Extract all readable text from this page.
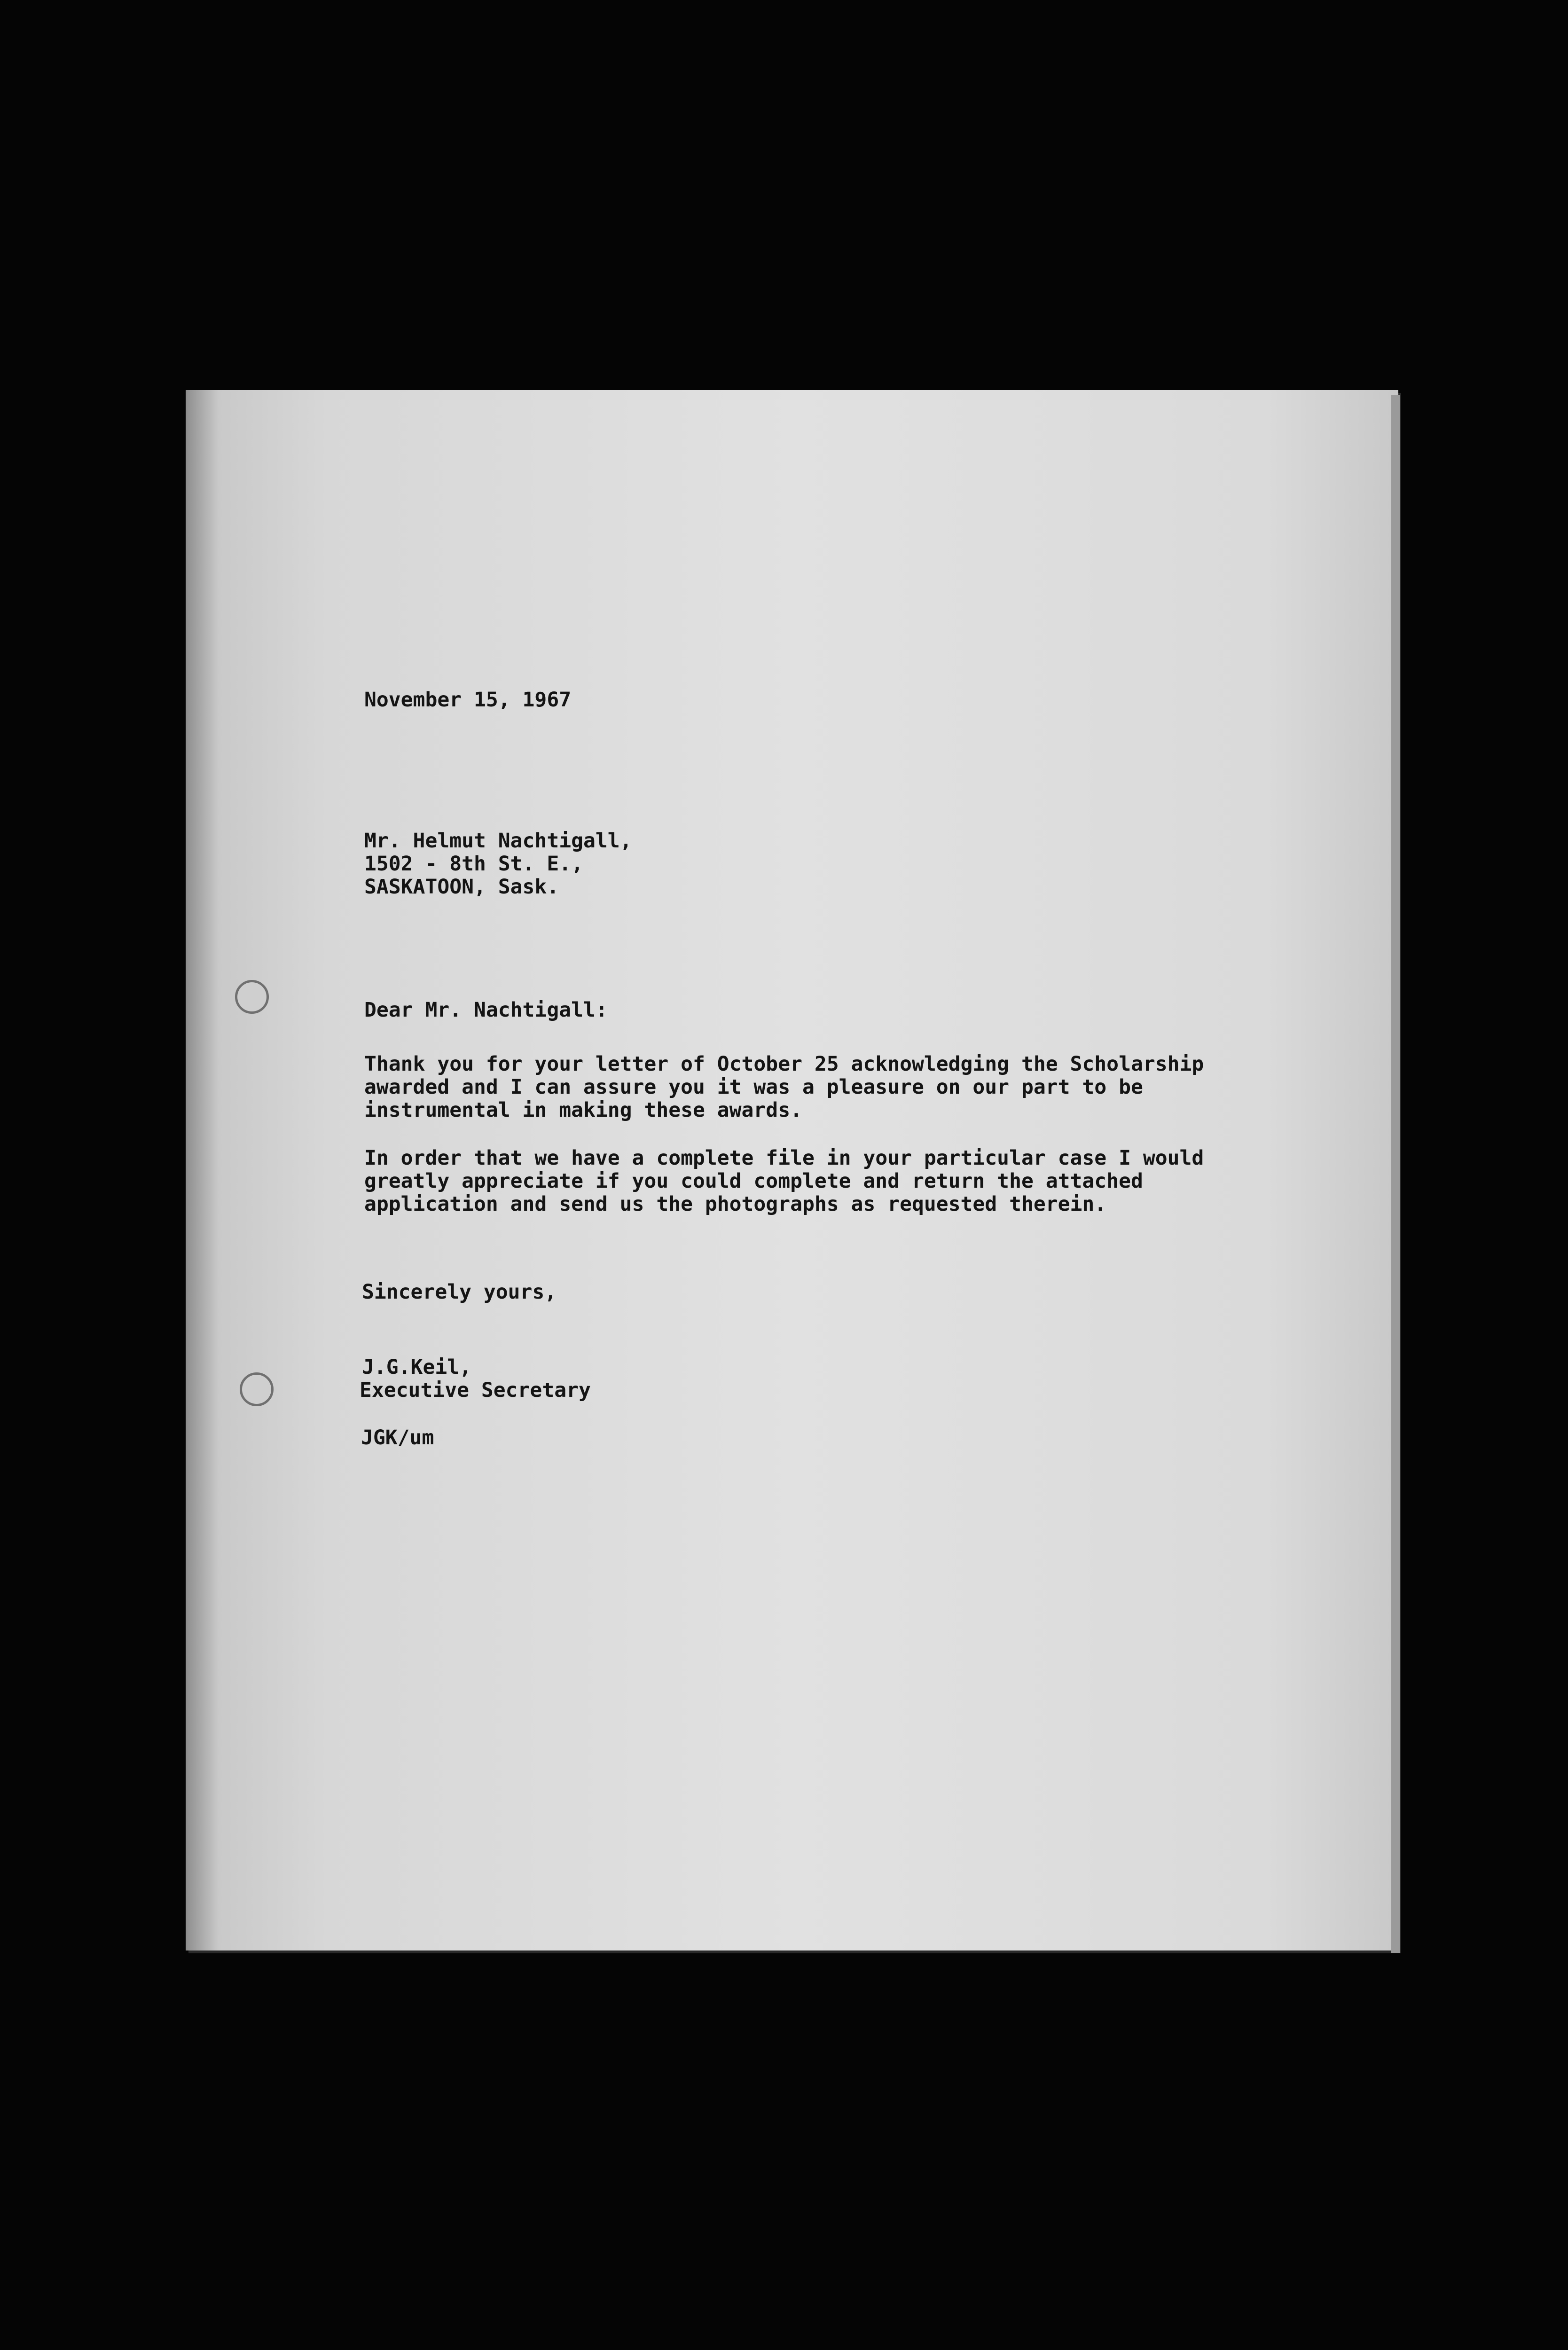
November 15, 1967
Mr. Helmut Nachtigall,
1502 - 8th St. E.,
SASKATOON, Sask.
Dear Mr. Nachtigall:
Thank you for your letter of October 25 acknowledging the Scholarship
awarded and I can assure you it was a pleasure on our part to be
instrumental in making these awards.
In order that we have a complete file in your particular case I would
greatly appreciate if you could complete and return the attached
application and send us the photographs as requested therein.
Sincerely yours,
J.G.Keil,
Executive Secretary
JGK/um
